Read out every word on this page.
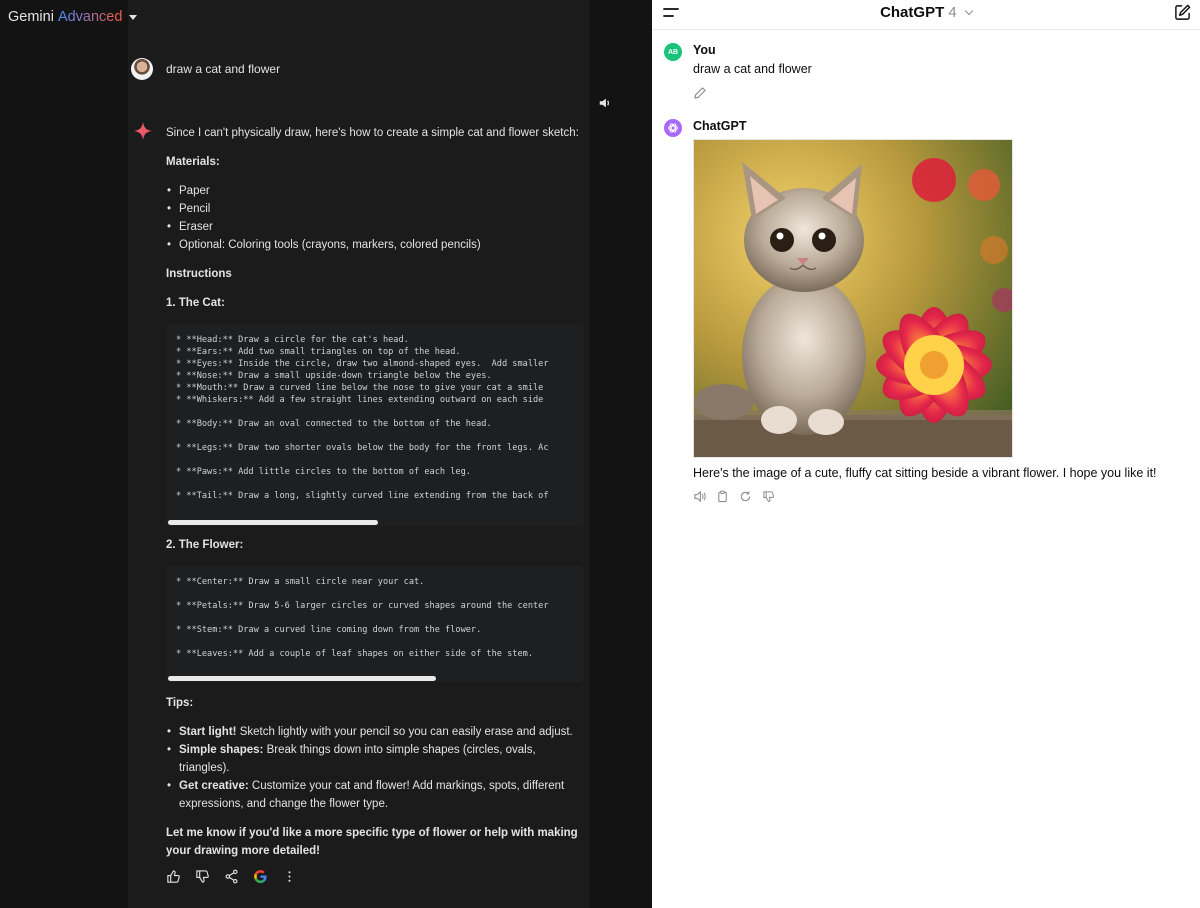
Gemini Advanced
draw a cat and flower

Since I can't physically draw, here's how to create a simple cat and flower sketch:

Materials:

• Paper
• Pencil
• Eraser
• Optional: Coloring tools (crayons, markers, colored pencils)

Instructions

1. The Cat:

* **Head:** Draw a circle for the cat's head.
* **Ears:** Add two small triangles on top of the head.
* **Eyes:** Inside the circle, draw two almond-shaped eyes.  Add smaller
* **Nose:** Draw a small upside-down triangle below the eyes.
* **Mouth:** Draw a curved line below the nose to give your cat a smile
* **Whiskers:** Add a few straight lines extending outward on each side

* **Body:** Draw an oval connected to the bottom of the head.

* **Legs:** Draw two shorter ovals below the body for the front legs. Ac

* **Paws:** Add little circles to the bottom of each leg.

* **Tail:** Draw a long, slightly curved line extending from the back of

2. The Flower:

* **Center:** Draw a small circle near your cat.

* **Petals:** Draw 5-6 larger circles or curved shapes around the center

* **Stem:** Draw a curved line coming down from the flower.

* **Leaves:** Add a couple of leaf shapes on either side of the stem.

Tips:

• Start light! Sketch lightly with your pencil so you can easily erase and adjust.
• Simple shapes: Break things down into simple shapes (circles, ovals, triangles).
• Get creative: Customize your cat and flower! Add markings, spots, different expressions, and change the flower type.

Let me know if you'd like a more specific type of flower or help with making your drawing more detailed!

ChatGPT 4
AB	You
draw a cat and flower
ChatGPT
Here's the image of a cute, fluffy cat sitting beside a vibrant flower. I hope you like it!
